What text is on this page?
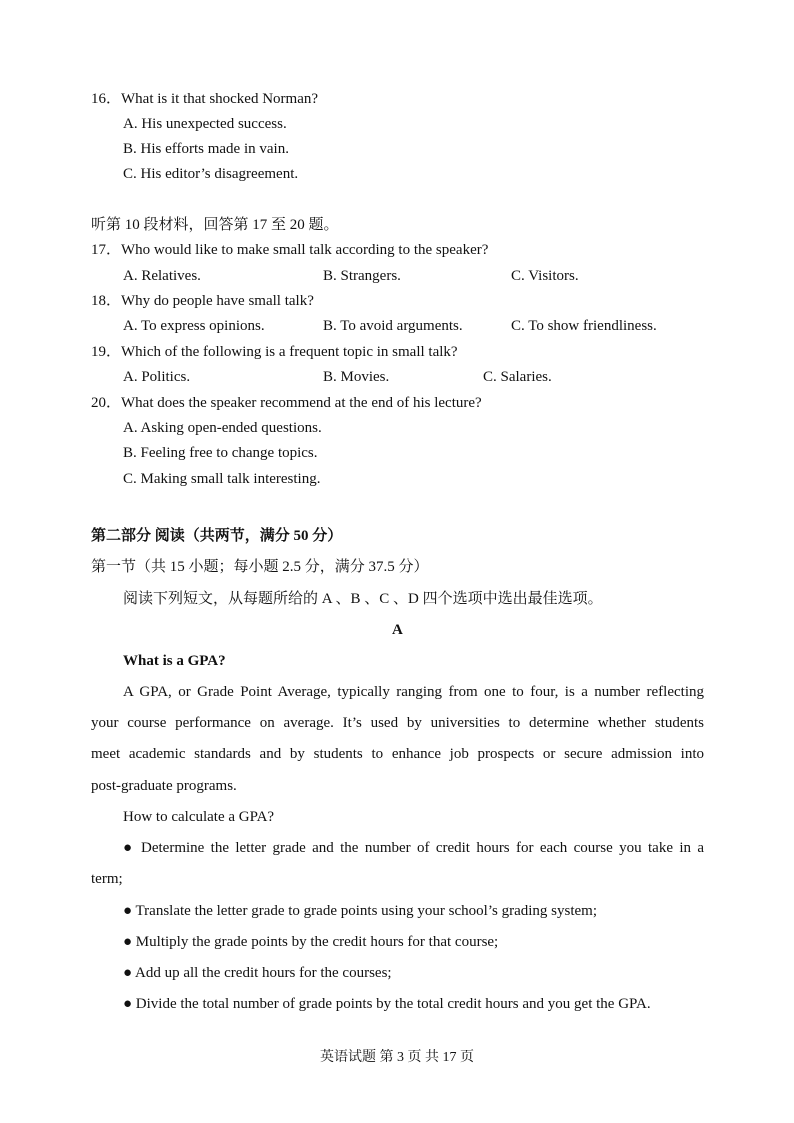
16．What is it that shocked Norman?
A. His unexpected success.
B. His efforts made in vain.
C. His editor’s disagreement.
听第 10 段材料，回答第 17 至 20 题。
17．Who would like to make small talk according to the speaker?
A. Relatives.	B. Strangers.	C. Visitors.
18．Why do people have small talk?
A. To express opinions.	B. To avoid arguments.	C. To show friendliness.
19．Which of the following is a frequent topic in small talk?
A. Politics.	B. Movies.	C. Salaries.
20．What does the speaker recommend at the end of his lecture?
A. Asking open-ended questions.
B. Feeling free to change topics.
C. Making small talk interesting.
第二部分 阅读（共两节，满分 50 分）
第一节（共 15 小题；每小题 2.5 分，满分 37.5 分）
阅读下列短文，从每题所给的 A 、B 、C 、D 四个选项中选出最佳选项。
A
What is a GPA?
A GPA, or Grade Point Average, typically ranging from one to four, is a number reflecting
your course performance on average. It’s used by universities to determine whether students
meet academic standards and by students to enhance job prospects or secure admission into
post-graduate programs.
How to calculate a GPA?
● Determine the letter grade and the number of credit hours for each course you take in a
term;
● Translate the letter grade to grade points using your school’s grading system;
● Multiply the grade points by the credit hours for that course;
● Add up all the credit hours for the courses;
● Divide the total number of grade points by the total credit hours and you get the GPA.
英语试题 第 3 页 共 17 页
